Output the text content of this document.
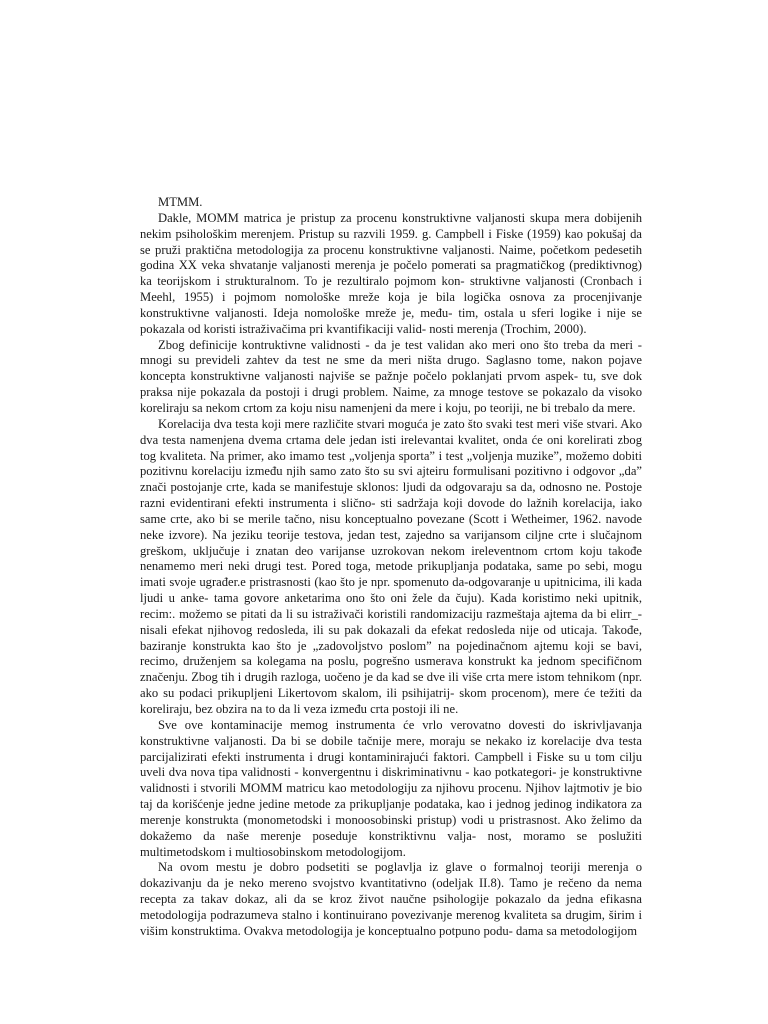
MTMM.

Dakle, MOMM matrica je pristup za procenu konstruktivne valjanosti skupa mera dobijenih nekim psihološkim merenjem. Pristup su razvili 1959. g. Campbell i Fiske (1959) kao pokušaj da se pruži praktična metodologija za procenu konstruktivne valjanosti. Naime, početkom pedesetih godina XX veka shvatanje valjanosti merenja je počelo pomerati sa pragmatičkog (prediktivnog) ka teorijskom i strukturalnom. To je rezultiralo pojmom kon- struktivne valjanosti (Cronbach i Meehl, 1955) i pojmom nomološke mreže koja je bila logička osnova za procenjivanje konstruktivne valjanosti. Ideja nomološke mreže je, među- tim, ostala u sferi logike i nije se pokazala od koristi istraživačima pri kvantifikaciji valid- nosti merenja (Trochim, 2000).

Zbog definicije kontruktivne validnosti - da je test validan ako meri ono što treba da meri - mnogi su prevideli zahtev da test ne sme da meri ništa drugo. Saglasno tome, nakon pojave koncepta konstruktivne valjanosti najviše se pažnje počelo poklanjati prvom aspek- tu, sve dok praksa nije pokazala da postoji i drugi problem. Naime, za mnoge testove se pokazalo da visoko koreliraju sa nekom crtom za koju nisu namenjeni da mere i koju, po teoriji, ne bi trebalo da mere.

Korelacija dva testa koji mere različite stvari moguća je zato što svaki test meri više stvari. Ako dva testa namenjena dvema crtama dele jedan isti irelevantai kvalitet, onda će oni korelirati zbog tog kvaliteta. Na primer, ako imamo test „voljenja sporta” i test „voljenja muzike”, možemo dobiti pozitivnu korelaciju između njih samo zato što su svi ajteiru formulisani pozitivno i odgovor „da” znači postojanje crte, kada se manifestuje sklonos: ljudi da odgovaraju sa da, odnosno ne. Postoje razni evidentirani efekti instrumenta i slično- sti sadržaja koji dovode do lažnih korelacija, iako same crte, ako bi se merile tačno, nisu konceptualno povezane (Scott i Wetheimer, 1962. navode neke izvore). Na jeziku teorije testova, jedan test, zajedno sa varijansom ciljne crte i slučajnom greškom, uključuje i znatan deo varijanse uzrokovan nekom ireleventnom crtom koju takođe nenamemo meri neki drugi test. Pored toga, metode prikupljanja podataka, same po sebi, mogu imati svoje ugrađer.e pristrasnosti (kao što je npr. spomenuto da-odgovaranje u upitnicima, ili kada ljudi u anke- tama govore anketarima ono što oni žele da čuju). Kada koristimo neki upitnik, recim:. možemo se pitati da li su istraživači koristili randomizaciju razmeštaja ajtema da bi elirr_- nisali efekat njihovog redosleda, ili su pak dokazali da efekat redosleda nije od uticaja. Takođe, baziranje konstrukta kao što je „zadovoljstvo poslom” na pojedinačnom ajtemu koji se bavi, recimo, druženjem sa kolegama na poslu, pogrešno usmerava konstrukt ka jednom specifičnom značenju. Zbog tih i drugih razloga, uočeno je da kad se dve ili više crta mere istom tehnikom (npr. ako su podaci prikupljeni Likertovom skalom, ili psihijatrij- skom procenom), mere će težiti da koreliraju, bez obzira na to da li veza između crta postoji ili ne.

Sve ove kontaminacije memog instrumenta će vrlo verovatno dovesti do iskrivljavanja konstruktivne valjanosti. Da bi se dobile tačnije mere, moraju se nekako iz korelacije dva testa parcijalizirati efekti instrumenta i drugi kontaminirajući faktori. Campbell i Fiske su u tom cilju uveli dva nova tipa validnosti - konvergentnu i diskriminativnu - kao potkategori- je konstruktivne validnosti i stvorili MOMM matricu kao metodologiju za njihovu procenu. Njihov lajtmotiv je bio taj da korišćenje jedne jedine metode za prikupljanje podataka, kao i jednog jedinog indikatora za merenje konstrukta (monometodski i monoosobinski pristup) vodi u pristrasnost. Ako želimo da dokažemo da naše merenje poseduje konstriktivnu valja- nost, moramo se poslužiti multimetodskom i multiosobinskom metodologijom.

Na ovom mestu je dobro podsetiti se poglavlja iz glave o formalnoj teoriji merenja o dokazivanju da je neko mereno svojstvo kvantitativno (odeljak II.8). Tamo je rečeno da nema recepta za takav dokaz, ali da se kroz život naučne psihologije pokazalo da jedna efikasna metodologija podrazumeva stalno i kontinuirano povezivanje merenog kvaliteta sa drugim, širim i višim konstruktima. Ovakva metodologija je konceptualno potpuno podu- dama sa metodologijom
